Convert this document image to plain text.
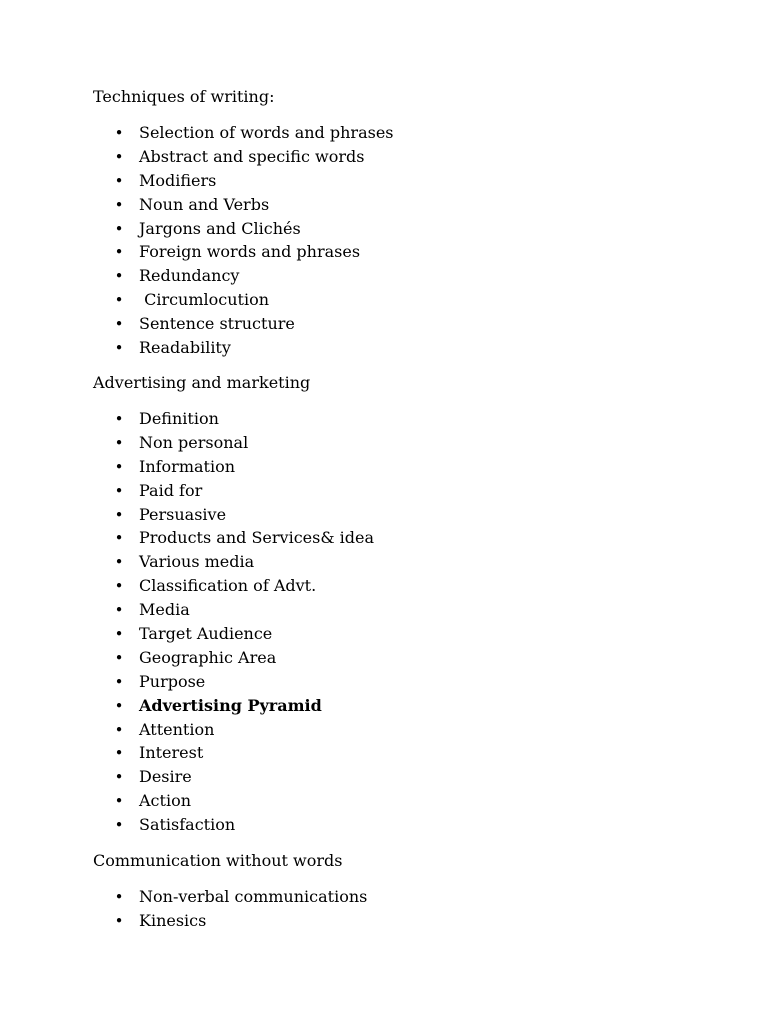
Techniques of writing:
• Selection of words and phrases
• Abstract and specific words
• Modifiers
• Noun and Verbs
• Jargons and Clichés
• Foreign words and phrases
• Redundancy
• Circumlocution
• Sentence structure
• Readability
Advertising and marketing
• Definition
• Non personal
• Information
• Paid for
• Persuasive
• Products and Services& idea
• Various media
• Classification of Advt.
• Media
• Target Audience
• Geographic Area
• Purpose
• Advertising Pyramid
• Attention
• Interest
• Desire
• Action
• Satisfaction
Communication without words
• Non-verbal communications
• Kinesics
